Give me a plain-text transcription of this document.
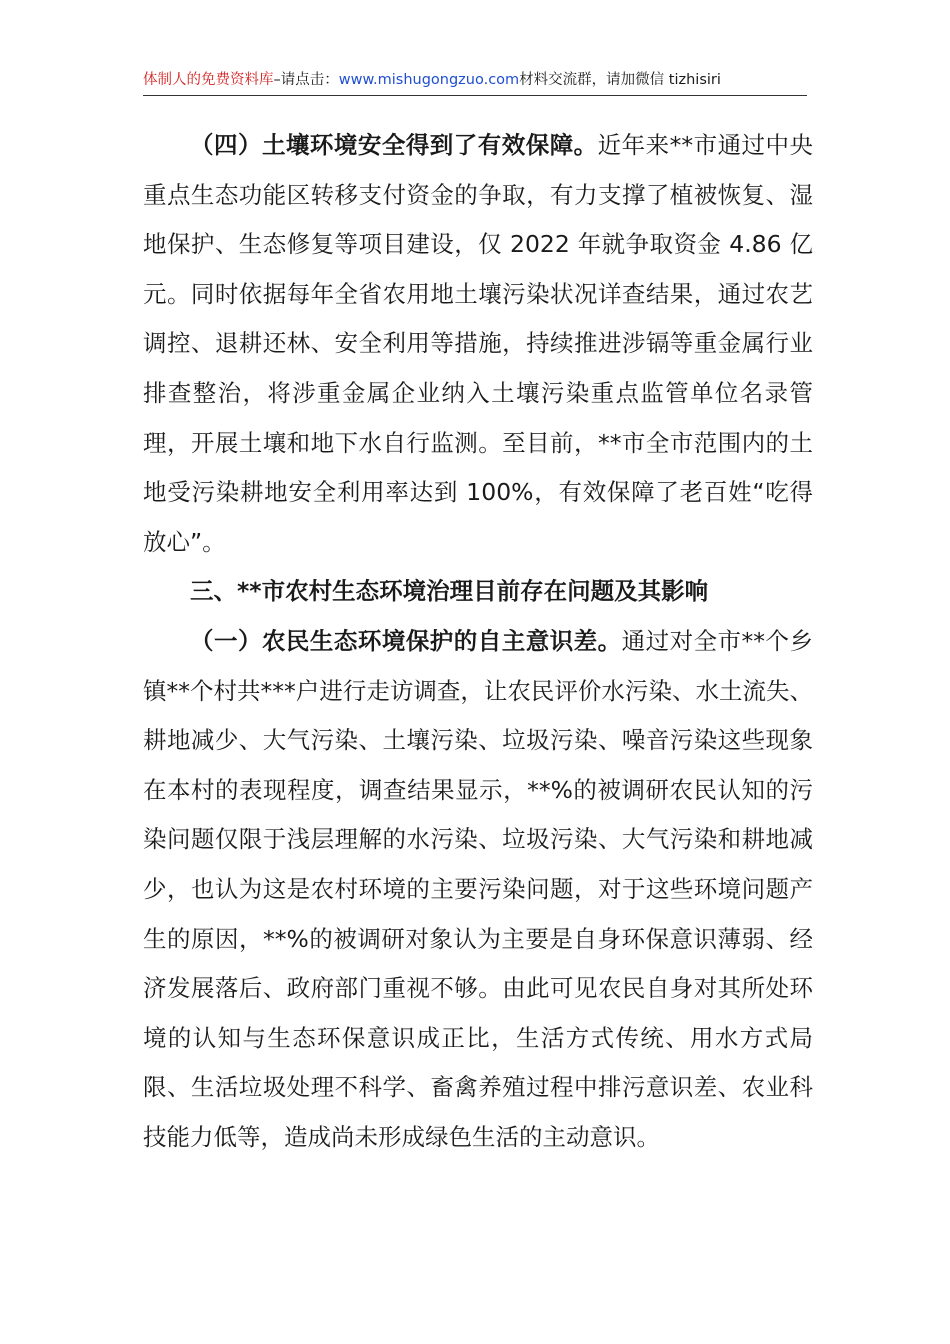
体制人的免费资料库–请点击：www.mishugongzuo.com材料交流群，请加微信 tizhisiri

（四）土壤环境安全得到了有效保障。近年来**市通过中央重点生态功能区转移支付资金的争取，有力支撑了植被恢复、湿地保护、生态修复等项目建设，仅 2022 年就争取资金 4.86 亿元。同时依据每年全省农用地土壤污染状况详查结果，通过农艺调控、退耕还林、安全利用等措施，持续推进涉镉等重金属行业排查整治，将涉重金属企业纳入土壤污染重点监管单位名录管理，开展土壤和地下水自行监测。至目前，**市全市范围内的土地受污染耕地安全利用率达到 100%，有效保障了老百姓“吃得放心”。

三、**市农村生态环境治理目前存在问题及其影响

（一）农民生态环境保护的自主意识差。通过对全市**个乡镇**个村共***户进行走访调查，让农民评价水污染、水土流失、耕地减少、大气污染、土壤污染、垃圾污染、噪音污染这些现象在本村的表现程度，调查结果显示，**%的被调研农民认知的污染问题仅限于浅层理解的水污染、垃圾污染、大气污染和耕地减少，也认为这是农村环境的主要污染问题，对于这些环境问题产生的原因，**%的被调研对象认为主要是自身环保意识薄弱、经济发展落后、政府部门重视不够。由此可见农民自身对其所处环境的认知与生态环保意识成正比，生活方式传统、用水方式局限、生活垃圾处理不科学、畜禽养殖过程中排污意识差、农业科技能力低等，造成尚未形成绿色生活的主动意识。
